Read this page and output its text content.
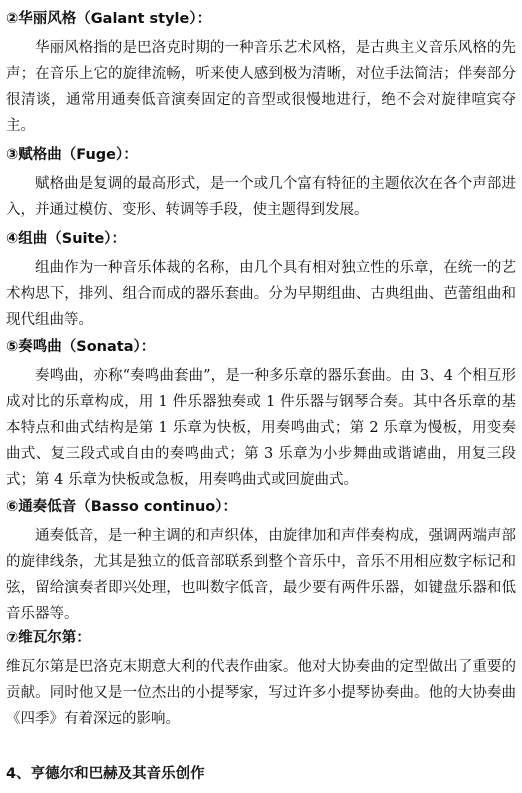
②华丽风格（Galant style）：

华丽风格指的是巴洛克时期的一种音乐艺术风格，是古典主义音乐风格的先声；在音乐上它的旋律流畅，听来使人感到极为清晰，对位手法简洁；伴奏部分很清谈，通常用通奏低音演奏固定的音型或很慢地进行，绝不会对旋律喧宾夺主。

③赋格曲（Fuge）：

赋格曲是复调的最高形式，是一个或几个富有特征的主题依次在各个声部进入，并通过模仿、变形、转调等手段，使主题得到发展。

④组曲（Suite）：

组曲作为一种音乐体裁的名称，由几个具有相对独立性的乐章，在统一的艺术构思下，排列、组合而成的器乐套曲。分为早期组曲、古典组曲、芭蕾组曲和现代组曲等。

⑤奏鸣曲（Sonata）：

奏鸣曲，亦称“奏鸣曲套曲”，是一种多乐章的器乐套曲。由 3、4 个相互形成对比的乐章构成，用 1 件乐器独奏或 1 件乐器与钢琴合奏。其中各乐章的基本特点和曲式结构是第 1 乐章为快板，用奏鸣曲式；第 2 乐章为慢板，用变奏曲式、复三段式或自由的奏鸣曲式；第 3 乐章为小步舞曲或谐谑曲，用复三段式；第 4 乐章为快板或急板，用奏鸣曲式或回旋曲式。

⑥通奏低音（Basso continuo）：

通奏低音，是一种主调的和声织体，由旋律加和声伴奏构成，强调两端声部的旋律线条，尤其是独立的低音部联系到整个音乐中，音乐不用相应数字标记和弦，留给演奏者即兴处理，也叫数字低音，最少要有两件乐器，如键盘乐器和低音乐器等。

⑦维瓦尔第：

维瓦尔第是巴洛克末期意大利的代表作曲家。他对大协奏曲的定型做出了重要的贡献。同时他又是一位杰出的小提琴家，写过许多小提琴协奏曲。他的大协奏曲《四季》有着深远的影响。

4、亨德尔和巴赫及其音乐创作
